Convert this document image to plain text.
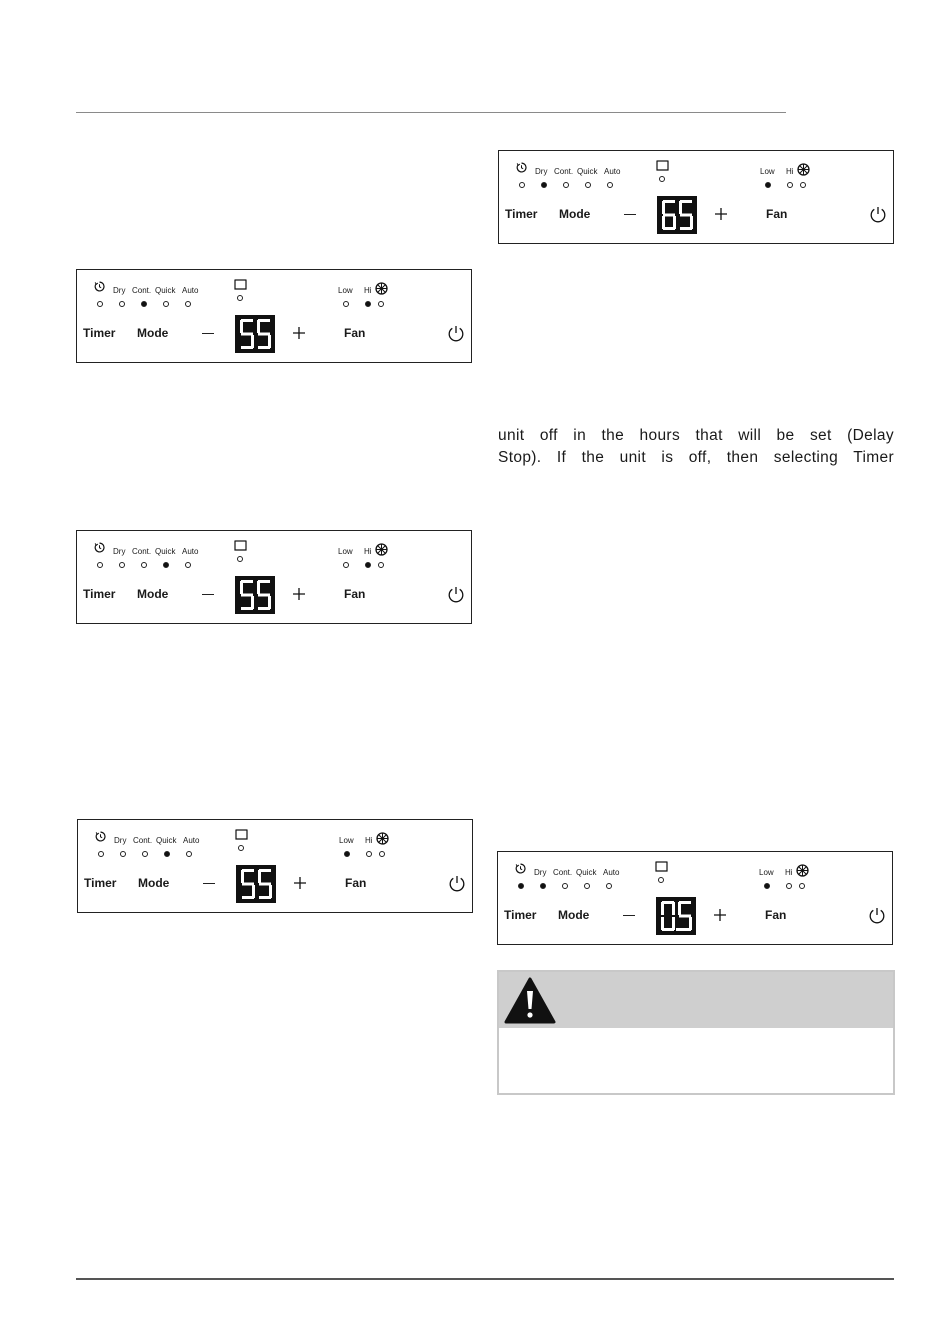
Dry Cont. Quick Auto	Low Hi
Timer Mode	Fan
Dry Cont. Quick Auto	Low Hi
Timer Mode	Fan
Dry Cont. Quick Auto	Low Hi
Timer Mode	Fan
Dry Cont. Quick Auto	Low Hi
Timer Mode	Fan
Dry Cont. Quick Auto	Low Hi
Timer Mode	Fan
unit off in the hours that will be set (Delay
Stop). If the unit is off, then selecting Timer
